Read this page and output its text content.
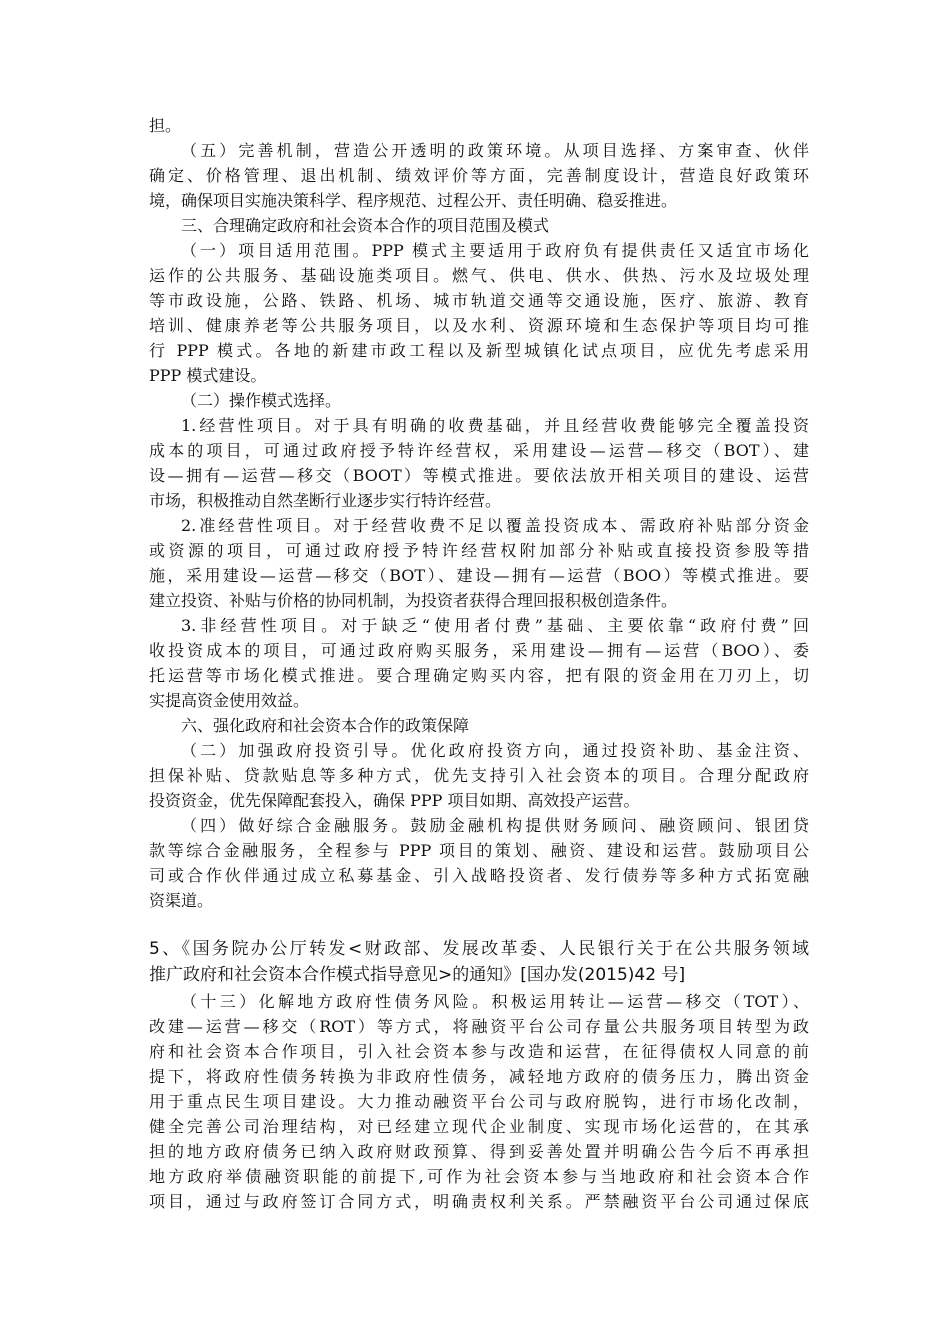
担。
（五）完善机制，营造公开透明的政策环境。从项目选择、方案审查、伙伴
确定、价格管理、退出机制、绩效评价等方面，完善制度设计，营造良好政策环
境，确保项目实施决策科学、程序规范、过程公开、责任明确、稳妥推进。
三、合理确定政府和社会资本合作的项目范围及模式
（一）项目适用范围。PPP 模式主要适用于政府负有提供责任又适宜市场化
运作的公共服务、基础设施类项目。燃气、供电、供水、供热、污水及垃圾处理
等市政设施，公路、铁路、机场、城市轨道交通等交通设施，医疗、旅游、教育
培训、健康养老等公共服务项目，以及水利、资源环境和生态保护等项目均可推
行 PPP 模式。各地的新建市政工程以及新型城镇化试点项目，应优先考虑采用
PPP 模式建设。
（二）操作模式选择。
1.经营性项目。对于具有明确的收费基础，并且经营收费能够完全覆盖投资
成本的项目，可通过政府授予特许经营权，采用建设—运营—移交（BOT）、建
设—拥有—运营—移交（BOOT）等模式推进。要依法放开相关项目的建设、运营
市场，积极推动自然垄断行业逐步实行特许经营。
2.准经营性项目。对于经营收费不足以覆盖投资成本、需政府补贴部分资金
或资源的项目，可通过政府授予特许经营权附加部分补贴或直接投资参股等措
施，采用建设—运营—移交（BOT）、建设—拥有—运营（BOO）等模式推进。要
建立投资、补贴与价格的协同机制，为投资者获得合理回报积极创造条件。
3.非经营性项目。对于缺乏“使用者付费”基础、主要依靠“政府付费”回
收投资成本的项目，可通过政府购买服务，采用建设—拥有—运营（BOO）、委
托运营等市场化模式推进。要合理确定购买内容，把有限的资金用在刀刃上，切
实提高资金使用效益。
六、强化政府和社会资本合作的政策保障
（二）加强政府投资引导。优化政府投资方向，通过投资补助、基金注资、
担保补贴、贷款贴息等多种方式，优先支持引入社会资本的项目。合理分配政府
投资资金，优先保障配套投入，确保 PPP 项目如期、高效投产运营。
（四）做好综合金融服务。鼓励金融机构提供财务顾问、融资顾问、银团贷
款等综合金融服务，全程参与 PPP 项目的策划、融资、建设和运营。鼓励项目公
司或合作伙伴通过成立私募基金、引入战略投资者、发行债券等多种方式拓宽融
资渠道。
5、《国务院办公厅转发<财政部、发展改革委、人民银行关于在公共服务领域
推广政府和社会资本合作模式指导意见>的通知》[国办发(2015)42 号]
（十三）化解地方政府性债务风险。积极运用转让—运营—移交（TOT）、
改建—运营—移交（ROT）等方式，将融资平台公司存量公共服务项目转型为政
府和社会资本合作项目，引入社会资本参与改造和运营，在征得债权人同意的前
提下，将政府性债务转换为非政府性债务，减轻地方政府的债务压力，腾出资金
用于重点民生项目建设。大力推动融资平台公司与政府脱钩，进行市场化改制，
健全完善公司治理结构，对已经建立现代企业制度、实现市场化运营的，在其承
担的地方政府债务已纳入政府财政预算、得到妥善处置并明确公告今后不再承担
地方政府举债融资职能的前提下,可作为社会资本参与当地政府和社会资本合作
项目，通过与政府签订合同方式，明确责权利关系。严禁融资平台公司通过保底
